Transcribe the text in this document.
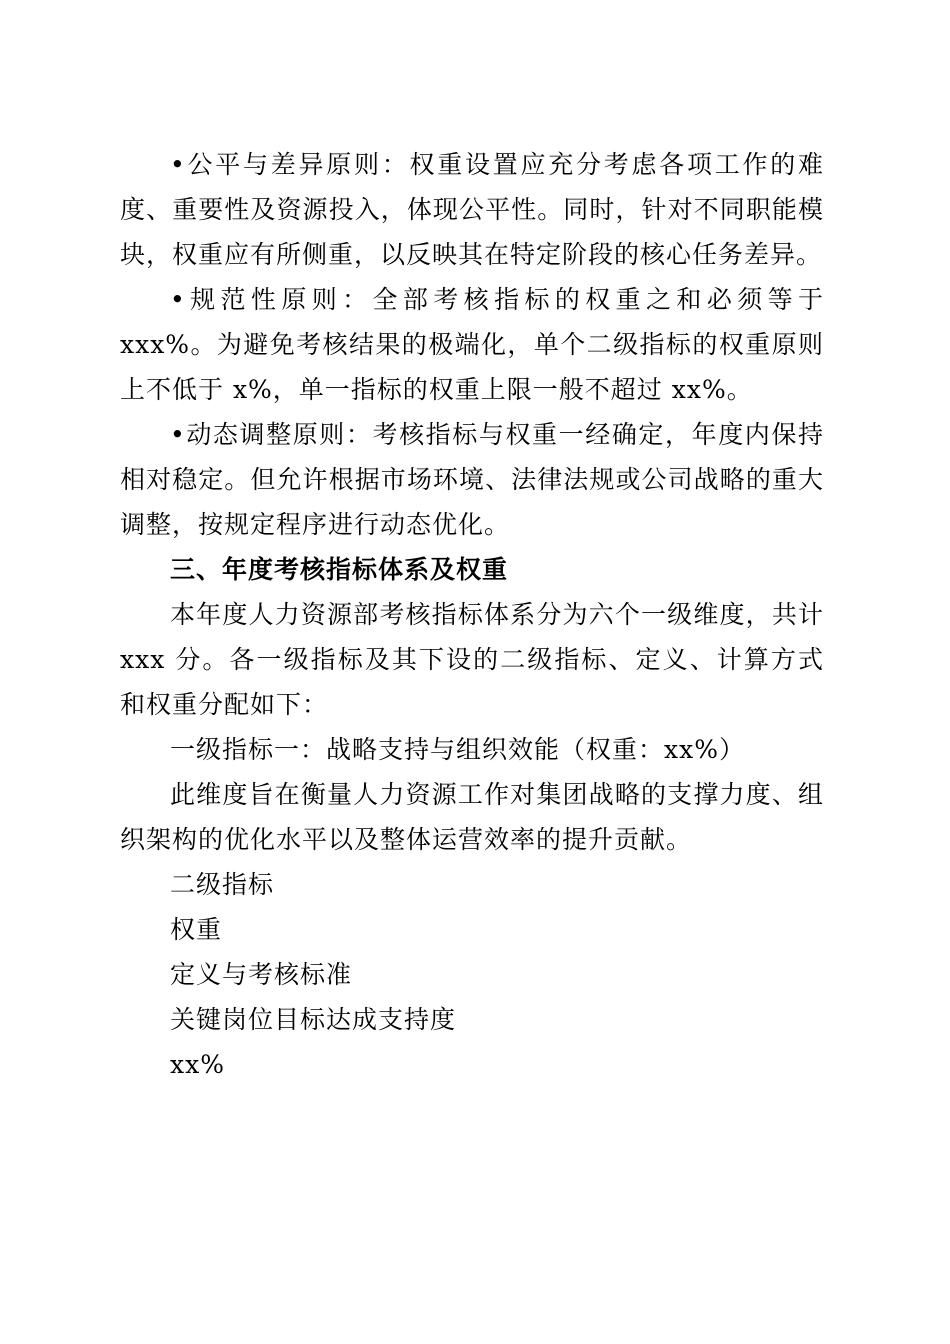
•公平与差异原则：权重设置应充分考虑各项工作的难度、重要性及资源投入，体现公平性。同时，针对不同职能模块，权重应有所侧重，以反映其在特定阶段的核心任务差异。

•规范性原则：全部考核指标的权重之和必须等于 xxx%。为避免考核结果的极端化，单个二级指标的权重原则上不低于 x%，单一指标的权重上限一般不超过 xx%。

•动态调整原则：考核指标与权重一经确定，年度内保持相对稳定。但允许根据市场环境、法律法规或公司战略的重大调整，按规定程序进行动态优化。

三、年度考核指标体系及权重

本年度人力资源部考核指标体系分为六个一级维度，共计 xxx 分。各一级指标及其下设的二级指标、定义、计算方式和权重分配如下：

一级指标一：战略支持与组织效能（权重：xx%）

此维度旨在衡量人力资源工作对集团战略的支撑力度、组织架构的优化水平以及整体运营效率的提升贡献。

二级指标

权重

定义与考核标准

关键岗位目标达成支持度

xx%
